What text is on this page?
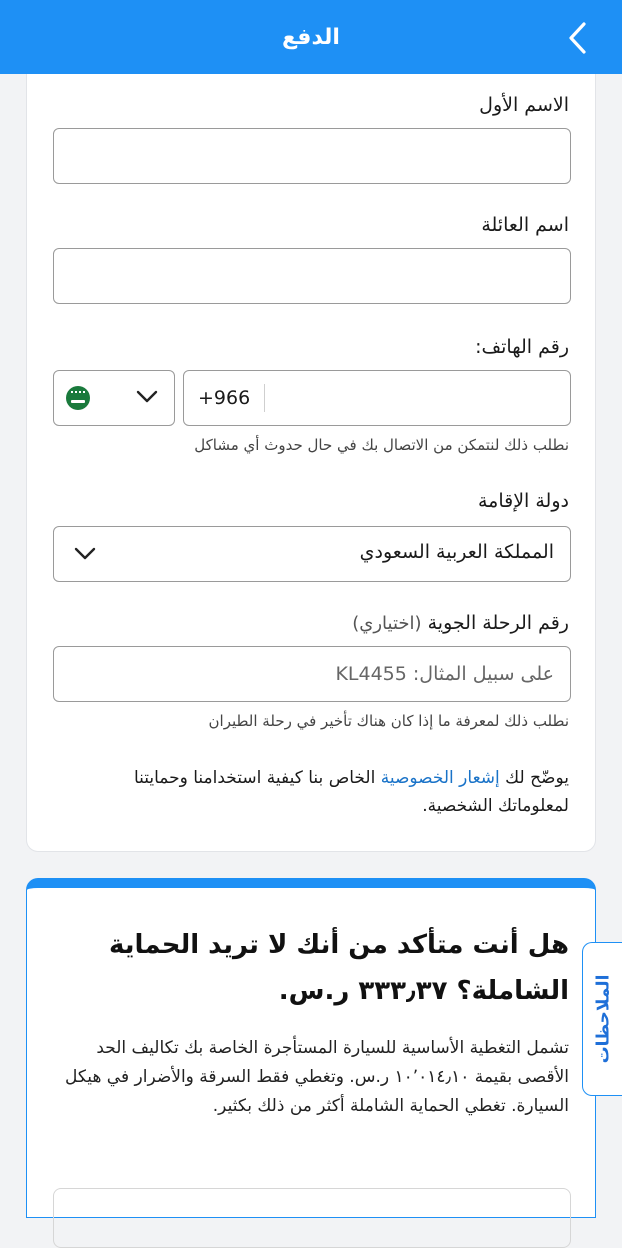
الدفع
الاسم الأول
اسم العائلة
رقم الهاتف:
+966
نطلب ذلك لنتمكن من الاتصال بك في حال حدوث أي مشاكل
دولة الإقامة
المملكة العربية السعودي
رقم الرحلة الجوية (اختياري)
على سبيل المثال: KL4455
نطلب ذلك لمعرفة ما إذا كان هناك تأخير في رحلة الطيران
يوضّح لك إشعار الخصوصية الخاص بنا كيفية استخدامنا وحمايتنا لمعلوماتك الشخصية.
هل أنت متأكد من أنك لا تريد الحماية الشاملة؟ ٣٣٣٫٣٧ ر.س.
تشمل التغطية الأساسية للسيارة المستأجرة الخاصة بك تكاليف الحد الأقصى بقيمة ١٠٬٠١٤٫١٠ ر.س. وتغطي فقط السرقة والأضرار في هيكل السيارة. تغطي الحماية الشاملة أكثر من ذلك بكثير.
الملاحظات
